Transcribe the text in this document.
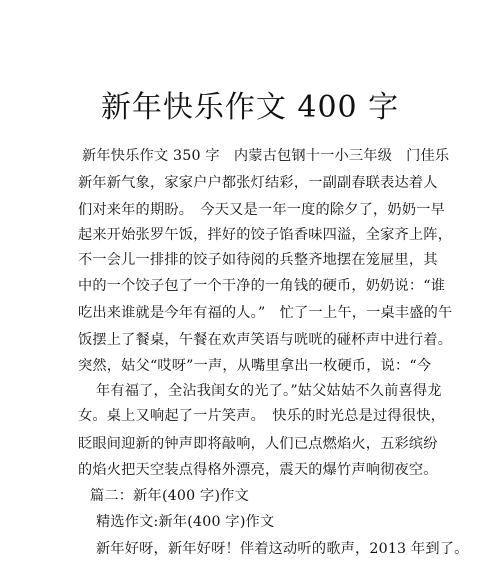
新年快乐作文 400 字
新年快乐作文 350 字 内蒙古包钢十一小三年级 门佳乐
新年新气象，家家户户都张灯结彩，一副副春联表达着人
们对来年的期盼。　今天又是一年一度的除夕了，奶奶一早
起来开始张罗午饭，拌好的饺子馅香味四溢，全家齐上阵，
不一会儿一排排的饺子如待阅的兵整齐地摆在笼屉里，其
中的一个饺子包了一个干净的一角钱的硬币，奶奶说：“谁
吃出来谁就是今年有福的人。”　忙了一上午，一桌丰盛的午
饭摆上了餐桌，午餐在欢声笑语与咣咣的碰杯声中进行着。
突然，姑父“哎呀”一声，从嘴里拿出一枚硬币，说：“今
年有福了，全沾我闺女的光了。”姑父姑姑不久前喜得龙
女。桌上又响起了一片笑声。　快乐的时光总是过得很快，
眨眼间迎新的钟声即将敲响，人们已点燃焰火，五彩缤纷
的焰火把天空装点得格外漂亮，震天的爆竹声响彻夜空。
篇二：新年(400 字)作文
精选作文:新年(400 字)作文
新年好呀，新年好呀！伴着这动听的歌声，2013 年到了。
